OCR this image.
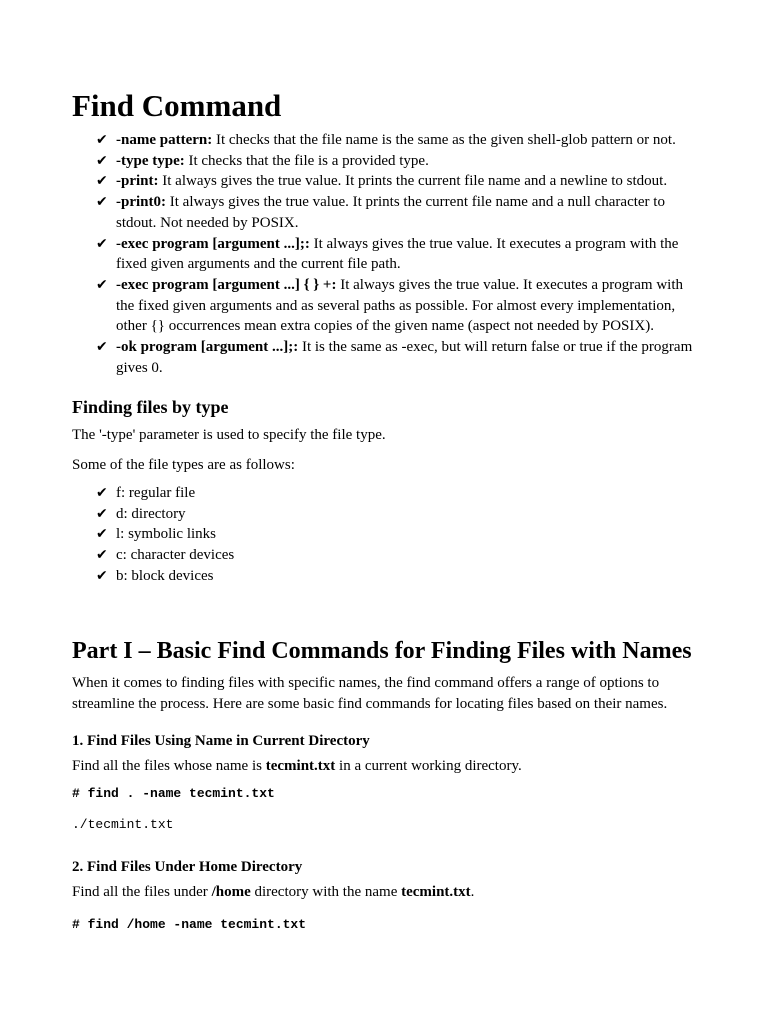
Find Command
✔ -name pattern: It checks that the file name is the same as the given shell-glob pattern or not.
✔ -type type: It checks that the file is a provided type.
✔ -print: It always gives the true value. It prints the current file name and a newline to stdout.
✔ -print0: It always gives the true value. It prints the current file name and a null character to stdout. Not needed by POSIX.
✔ -exec program [argument ...];: It always gives the true value. It executes a program with the fixed given arguments and the current file path.
✔ -exec program [argument ...] { } +: It always gives the true value. It executes a program with the fixed given arguments and as several paths as possible. For almost every implementation, other {} occurrences mean extra copies of the given name (aspect not needed by POSIX).
✔ -ok program [argument ...];: It is the same as -exec, but will return false or true if the program gives 0.
Finding files by type

The '-type' parameter is used to specify the file type.

Some of the file types are as follows:

✔ f: regular file
✔ d: directory
✔ l: symbolic links
✔ c: character devices
✔ b: block devices
Part I – Basic Find Commands for Finding Files with Names

When it comes to finding files with specific names, the find command offers a range of options to streamline the process. Here are some basic find commands for locating files based on their names.

1. Find Files Using Name in Current Directory

Find all the files whose name is tecmint.txt in a current working directory.

# find . -name tecmint.txt
./tecmint.txt
2. Find Files Under Home Directory

Find all the files under /home directory with the name tecmint.txt.

# find /home -name tecmint.txt
